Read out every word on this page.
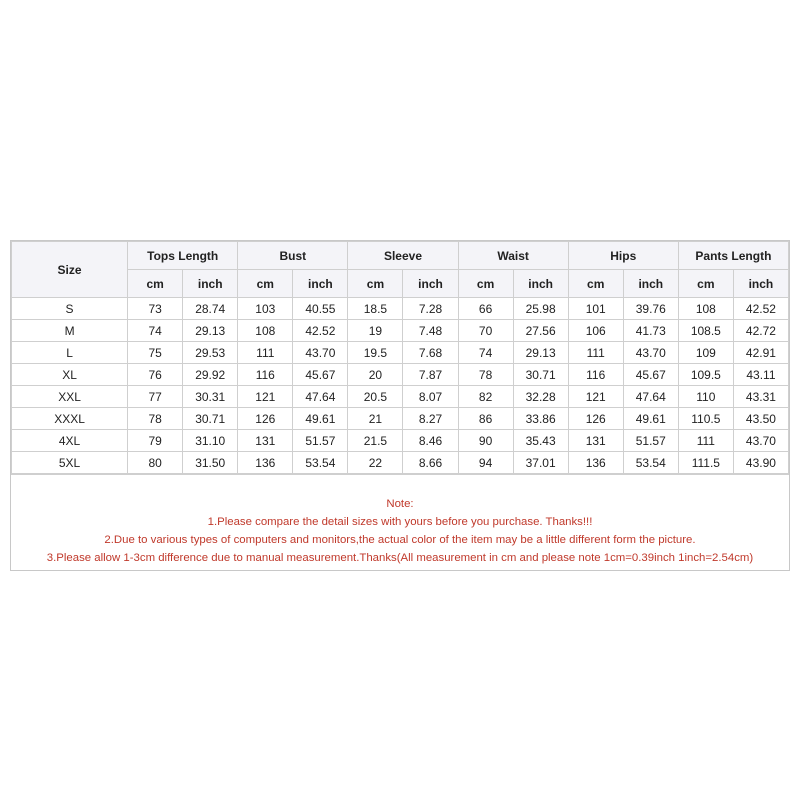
Size	Tops Length		Bust		Sleeve		Waist		Hips		Pants Length	
	cm	inch	cm	inch	cm	inch	cm	inch	cm	inch	cm	inch
S	73	28.74	103	40.55	18.5	7.28	66	25.98	101	39.76	108	42.52
M	74	29.13	108	42.52	19	7.48	70	27.56	106	41.73	108.5	42.72
L	75	29.53	111	43.70	19.5	7.68	74	29.13	111	43.70	109	42.91
XL	76	29.92	116	45.67	20	7.87	78	30.71	116	45.67	109.5	43.11
XXL	77	30.31	121	47.64	20.5	8.07	82	32.28	121	47.64	110	43.31
XXXL	78	30.71	126	49.61	21	8.27	86	33.86	126	49.61	110.5	43.50
4XL	79	31.10	131	51.57	21.5	8.46	90	35.43	131	51.57	111	43.70
5XL	80	31.50	136	53.54	22	8.66	94	37.01	136	53.54	111.5	43.90
Note:
1.Please compare the detail sizes with yours before you purchase. Thanks!!!
2.Due to various types of computers and monitors,the actual color of the item may be a little different form the picture.
3.Please allow 1-3cm difference due to manual measurement.Thanks(All measurement in cm and please note 1cm=0.39inch 1inch=2.54cm)
